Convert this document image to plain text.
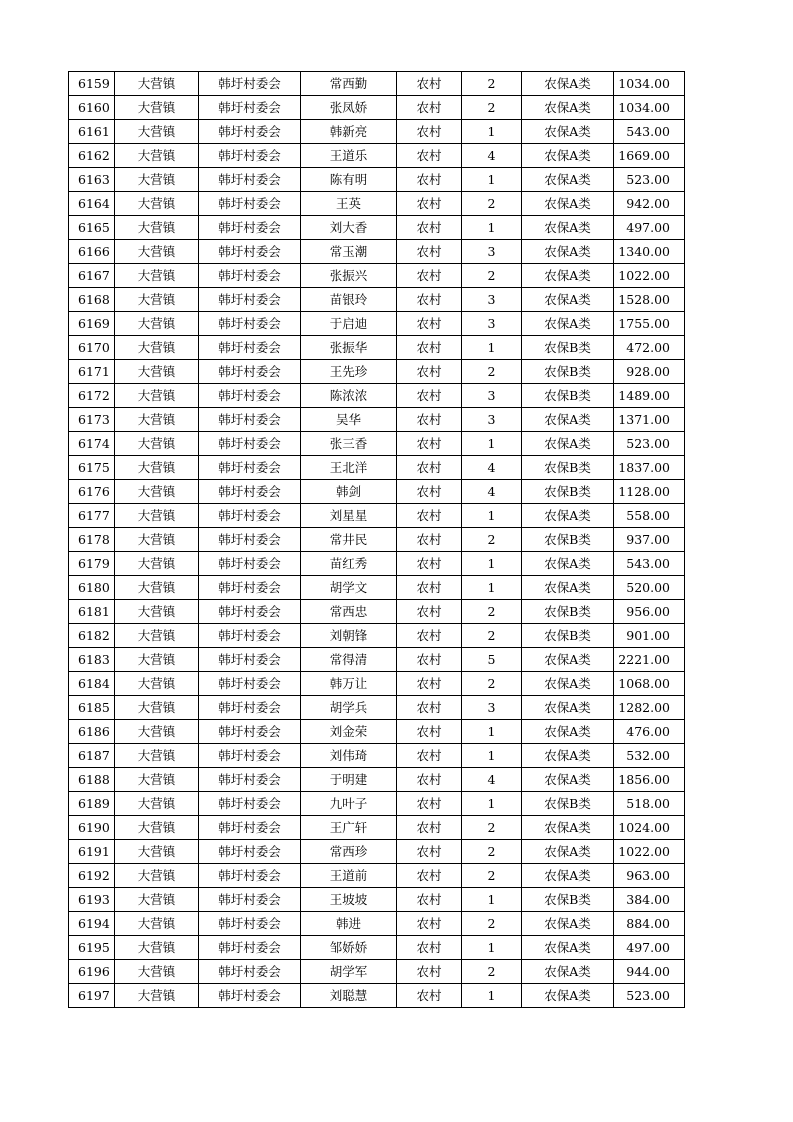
6159	大营镇	韩圩村委会	常西勤	农村	2	农保A类	1034.00
6160	大营镇	韩圩村委会	张凤娇	农村	2	农保A类	1034.00
6161	大营镇	韩圩村委会	韩新亮	农村	1	农保A类	543.00
6162	大营镇	韩圩村委会	王道乐	农村	4	农保A类	1669.00
6163	大营镇	韩圩村委会	陈有明	农村	1	农保A类	523.00
6164	大营镇	韩圩村委会	王英	农村	2	农保A类	942.00
6165	大营镇	韩圩村委会	刘大香	农村	1	农保A类	497.00
6166	大营镇	韩圩村委会	常玉潮	农村	3	农保A类	1340.00
6167	大营镇	韩圩村委会	张振兴	农村	2	农保A类	1022.00
6168	大营镇	韩圩村委会	苗银玲	农村	3	农保A类	1528.00
6169	大营镇	韩圩村委会	于启迪	农村	3	农保A类	1755.00
6170	大营镇	韩圩村委会	张振华	农村	1	农保B类	472.00
6171	大营镇	韩圩村委会	王先珍	农村	2	农保B类	928.00
6172	大营镇	韩圩村委会	陈浓浓	农村	3	农保B类	1489.00
6173	大营镇	韩圩村委会	吴华	农村	3	农保A类	1371.00
6174	大营镇	韩圩村委会	张三香	农村	1	农保A类	523.00
6175	大营镇	韩圩村委会	王北洋	农村	4	农保B类	1837.00
6176	大营镇	韩圩村委会	韩剑	农村	4	农保B类	1128.00
6177	大营镇	韩圩村委会	刘星星	农村	1	农保A类	558.00
6178	大营镇	韩圩村委会	常井民	农村	2	农保B类	937.00
6179	大营镇	韩圩村委会	苗红秀	农村	1	农保A类	543.00
6180	大营镇	韩圩村委会	胡学文	农村	1	农保A类	520.00
6181	大营镇	韩圩村委会	常西忠	农村	2	农保B类	956.00
6182	大营镇	韩圩村委会	刘朝锋	农村	2	农保B类	901.00
6183	大营镇	韩圩村委会	常得清	农村	5	农保A类	2221.00
6184	大营镇	韩圩村委会	韩万让	农村	2	农保A类	1068.00
6185	大营镇	韩圩村委会	胡学兵	农村	3	农保A类	1282.00
6186	大营镇	韩圩村委会	刘金荣	农村	1	农保A类	476.00
6187	大营镇	韩圩村委会	刘伟琦	农村	1	农保A类	532.00
6188	大营镇	韩圩村委会	于明建	农村	4	农保A类	1856.00
6189	大营镇	韩圩村委会	九叶子	农村	1	农保B类	518.00
6190	大营镇	韩圩村委会	王广轩	农村	2	农保A类	1024.00
6191	大营镇	韩圩村委会	常西珍	农村	2	农保A类	1022.00
6192	大营镇	韩圩村委会	王道前	农村	2	农保A类	963.00
6193	大营镇	韩圩村委会	王坡坡	农村	1	农保B类	384.00
6194	大营镇	韩圩村委会	韩进	农村	2	农保A类	884.00
6195	大营镇	韩圩村委会	邹娇娇	农村	1	农保A类	497.00
6196	大营镇	韩圩村委会	胡学军	农村	2	农保A类	944.00
6197	大营镇	韩圩村委会	刘聪慧	农村	1	农保A类	523.00
